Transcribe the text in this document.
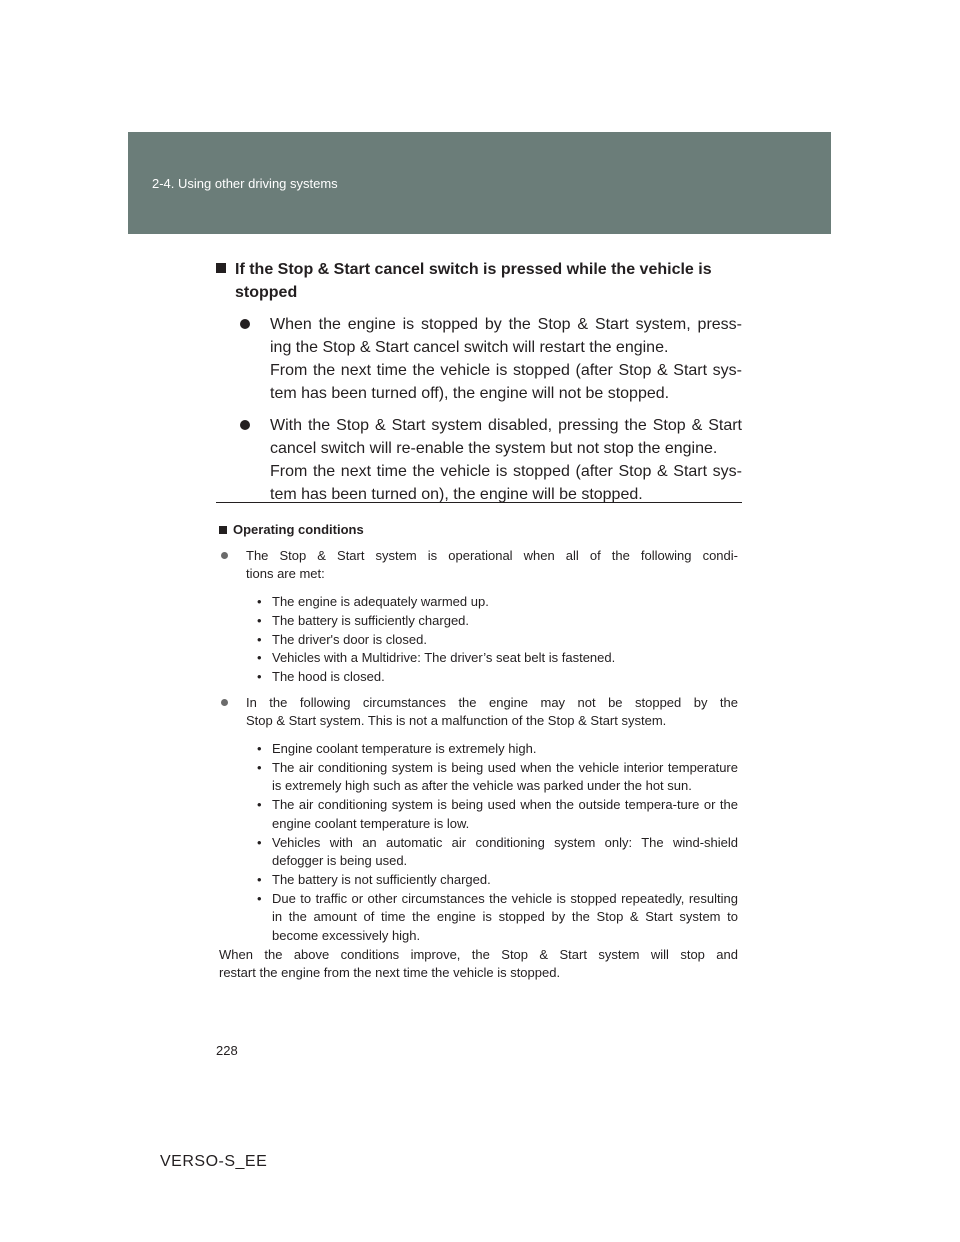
2-4. Using other driving systems
If the Stop & Start cancel switch is pressed while the vehicle is
stopped

When the engine is stopped by the Stop & Start system, press-

ing the Stop & Start cancel switch will restart the engine.

From the next time the vehicle is stopped (after Stop & Start sys-

tem has been turned off), the engine will not be stopped.

With the Stop & Start system disabled, pressing the Stop & Start

cancel switch will re-enable the system but not stop the engine.

From the next time the vehicle is stopped (after Stop & Start sys-

tem has been turned on), the engine will be stopped.

Operating conditions

The Stop & Start system is operational when all of the following condi-

tions are met:

• The engine is adequately warmed up.
• The battery is sufficiently charged.
• The driver's door is closed.
• Vehicles with a Multidrive: The driver’s seat belt is fastened.
• The hood is closed.

In the following circumstances the engine may not be stopped by the

Stop & Start system. This is not a malfunction of the Stop & Start system.

• Engine coolant temperature is extremely high.
• The air conditioning system is being used when the vehicle interior temperature is extremely high such as after the vehicle was parked under the hot sun.
• The air conditioning system is being used when the outside tempera-ture or the engine coolant temperature is low.
• Vehicles with an automatic air conditioning system only: The wind-shield defogger is being used.
• The battery is not sufficiently charged.
• Due to traffic or other circumstances the vehicle is stopped repeatedly, resulting in the amount of time the engine is stopped by the Stop & Start system to become excessively high.
When the above conditions improve, the Stop & Start system will stop and
restart the engine from the next time the vehicle is stopped.
228
VERSO-S_EE
